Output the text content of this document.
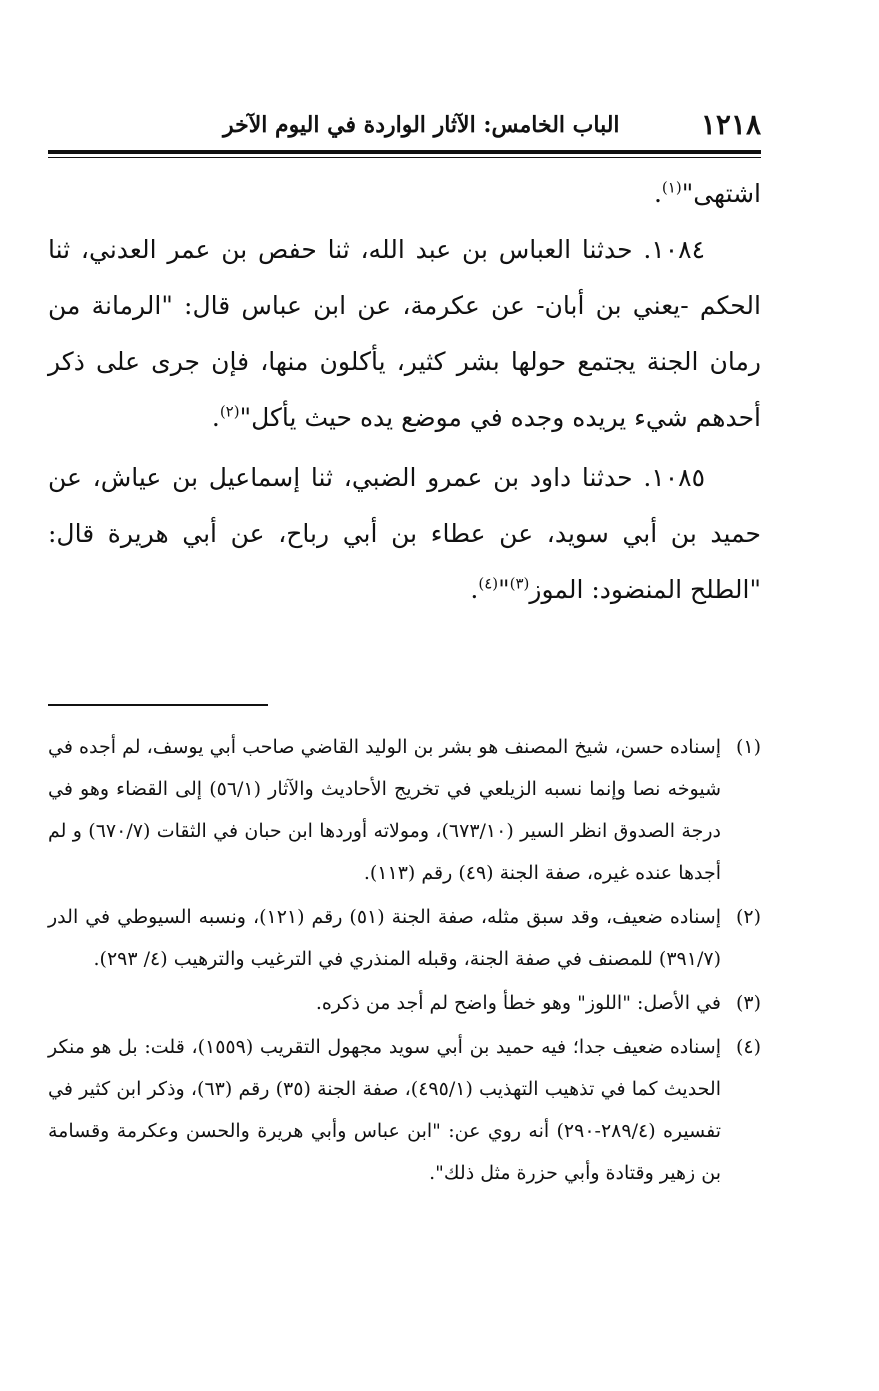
١٢١٨
الباب الخامس: الآثار الواردة في اليوم الآخر

اشتهى"$^{(١)}$.

١٠٨٤. حدثنا العباس بن عبد الله، ثنا حفص بن عمر العدني، ثنا الحكم -يعني بن أبان- عن عكرمة، عن ابن عباس قال: "الرمانة من رمان الجنة يجتمع حولها بشر كثير، يأكلون منها، فإن جرى على ذكر أحدهم شيء يريده وجده في موضع يده حيث يأكل"$^{(٢)}$.

١٠٨٥. حدثنا داود بن عمرو الضبي، ثنا إسماعيل بن عياش، عن حميد بن أبي سويد، عن عطاء بن أبي رباح، عن أبي هريرة قال: "الطلح المنضود: الموز$^{(٣)}$"$^{(٤)}$.

(١)
إسناده حسن، شيخ المصنف هو بشر بن الوليد القاضي صاحب أبي يوسف، لم أجده في شيوخه نصا وإنما نسبه الزيلعي في تخريج الأحاديث والآثار (٥٦/١) إلى القضاء وهو في درجة الصدوق انظر السير (٦٧٣/١٠)، ومولاته أوردها ابن حبان في الثقات (٦٧٠/٧) و لم أجدها عنده غيره، صفة الجنة (٤٩) رقم (١١٣).

(٢)
إسناده ضعيف، وقد سبق مثله، صفة الجنة (٥١) رقم (١٢١)، ونسبه السيوطي في الدر (٣٩١/٧) للمصنف في صفة الجنة، وقبله المنذري في الترغيب والترهيب (٤/ ٢٩٣).

(٣)
في الأصل: "اللوز" وهو خطأ واضح لم أجد من ذكره.

(٤)
إسناده ضعيف جدا؛ فيه حميد بن أبي سويد مجهول التقريب (١٥٥٩)، قلت: بل هو منكر الحديث كما في تذهيب التهذيب (٤٩٥/١)، صفة الجنة (٣٥) رقم (٦٣)، وذكر ابن كثير في تفسيره (٢٨٩/٤-٢٩٠) أنه روي عن: "ابن عباس وأبي هريرة والحسن وعكرمة وقسامة بن زهير وقتادة وأبي حزرة مثل ذلك".
